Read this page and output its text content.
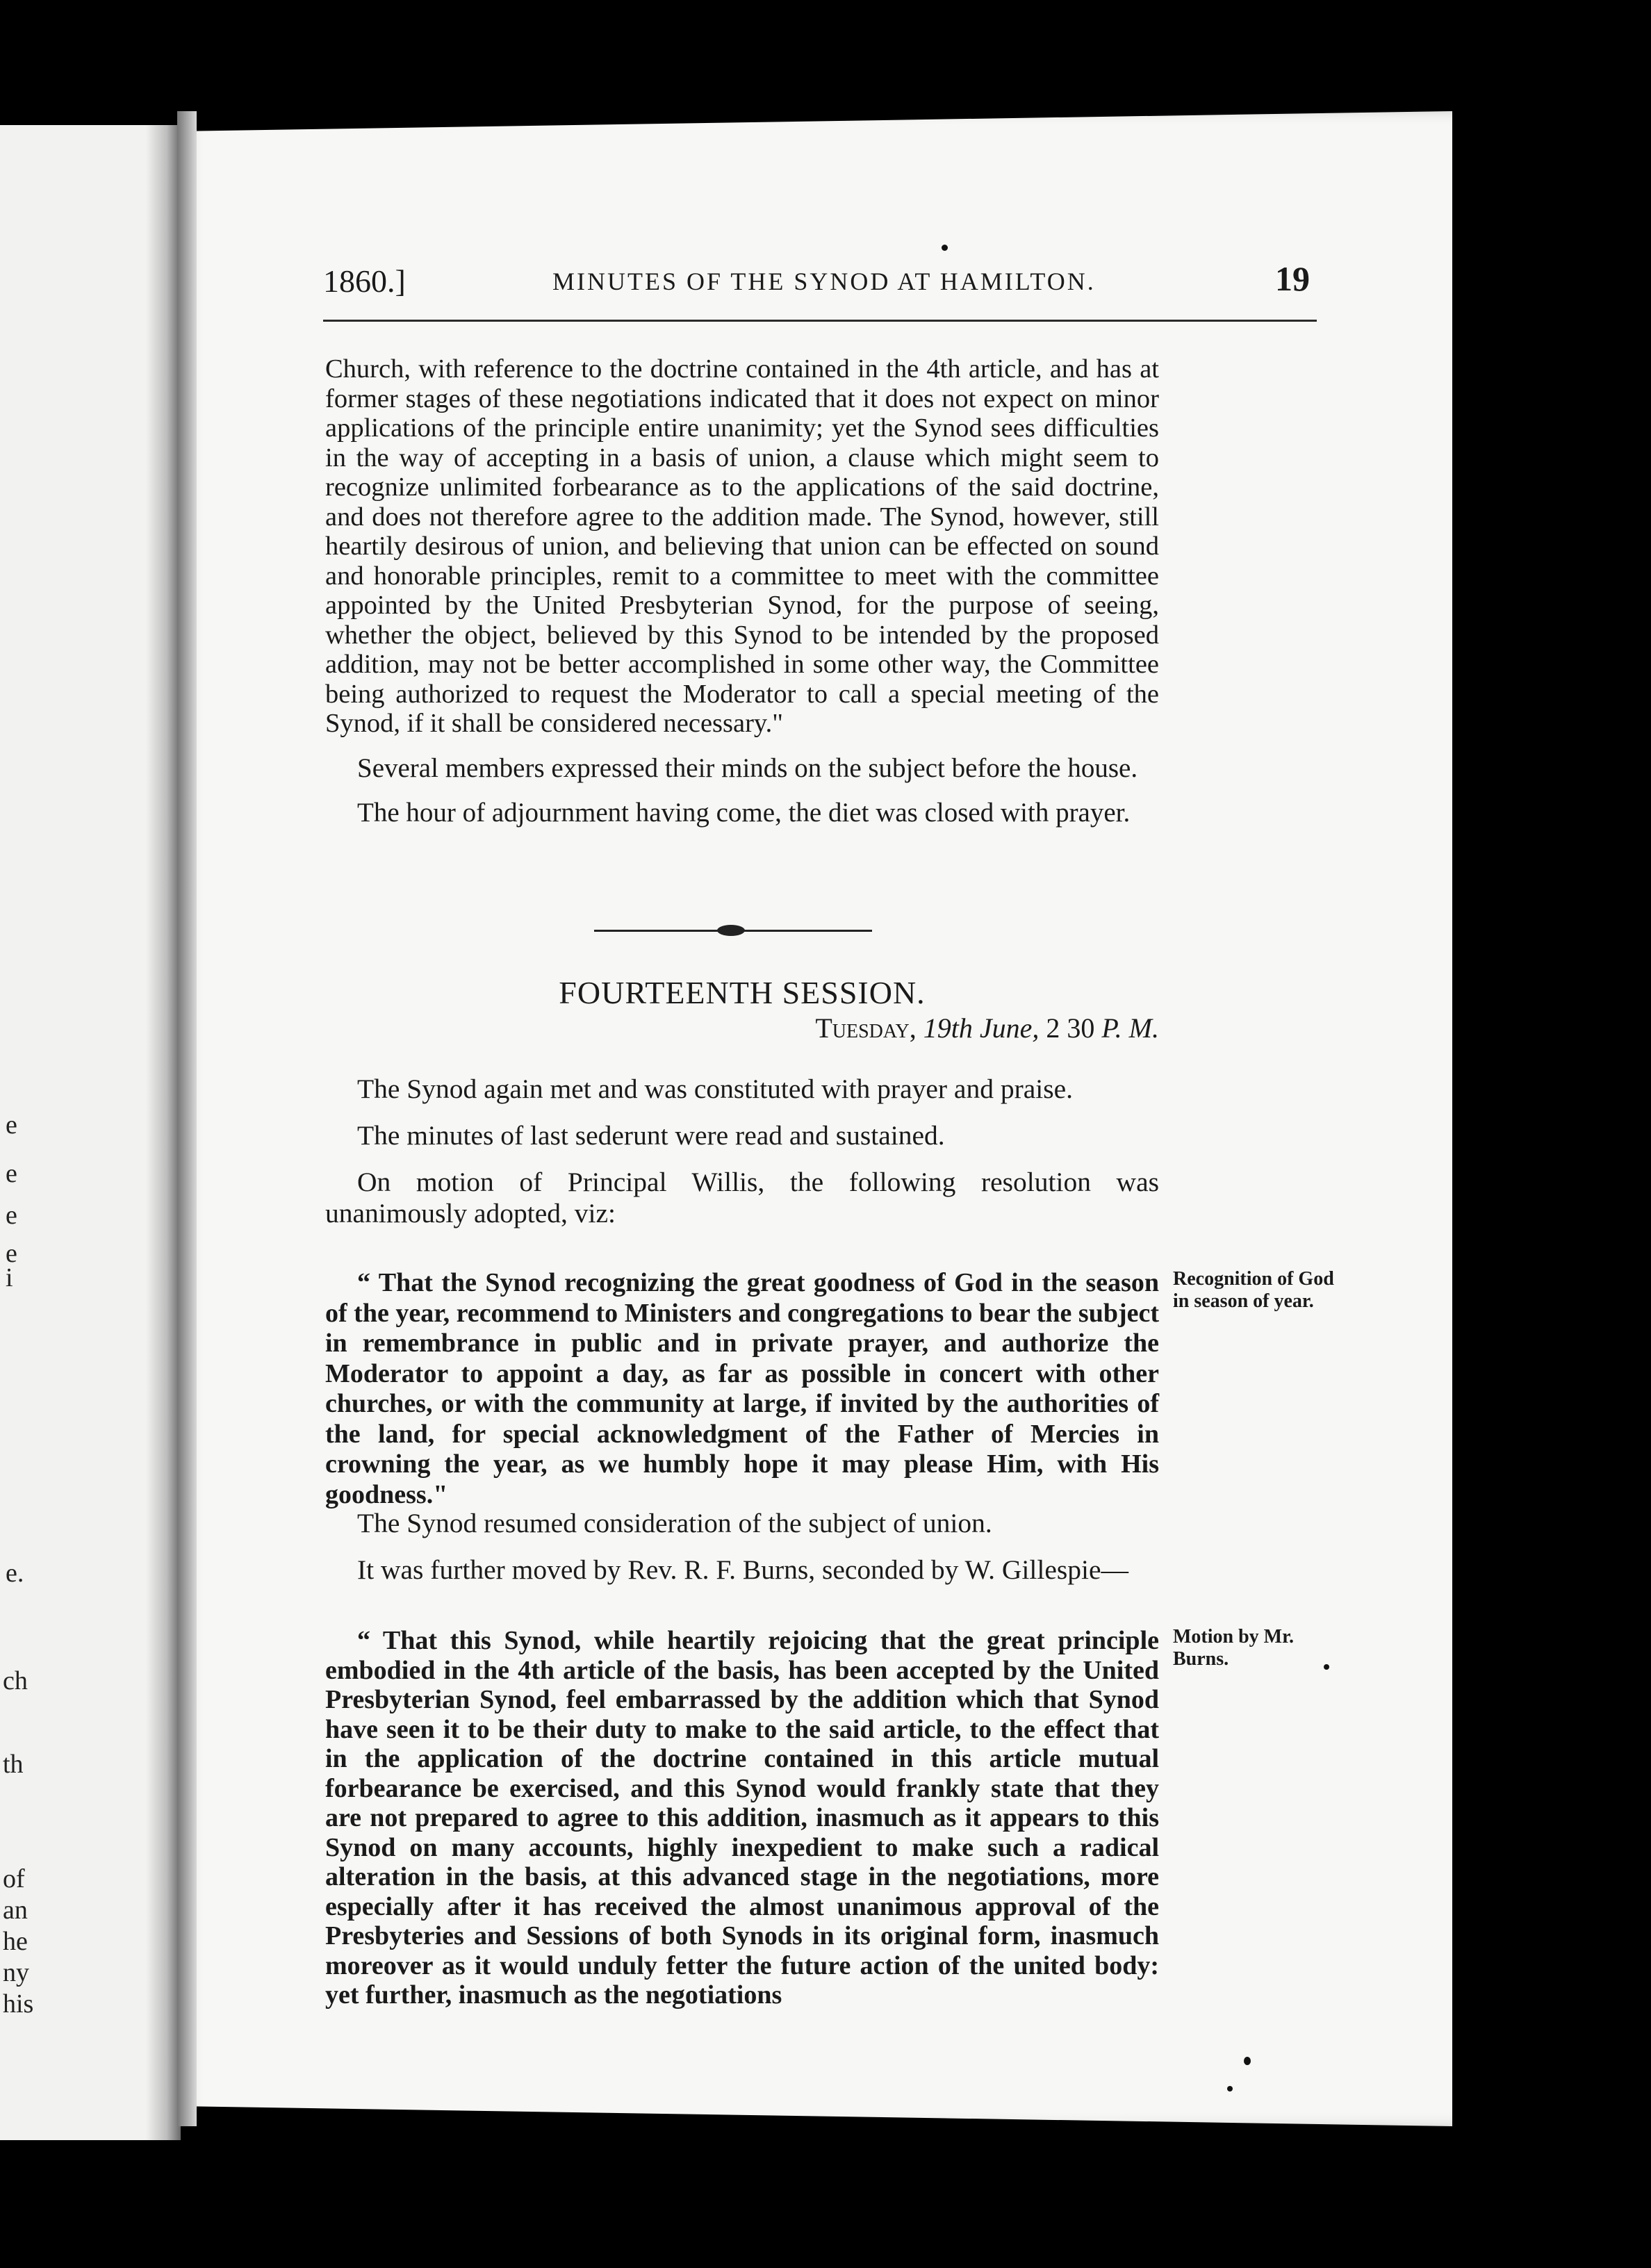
e
e
e
e
i
e.
ch
th
of
an
he
ny
his
1860.]	MINUTES OF THE SYNOD AT HAMILTON.	19

Church, with reference to the doctrine contained in the 4th article, and has at former stages of these negotiations indicated that it does not expect on minor applications of the principle entire unanimity; yet the Synod sees difficulties in the way of accepting in a basis of union, a clause which might seem to recognize unlimited forbearance as to the applications of the said doctrine, and does not therefore agree to the addition made. The Synod, however, still heartily desirous of union, and believing that union can be effected on sound and honorable principles, remit to a committee to meet with the committee appointed by the United Presbyterian Synod, for the purpose of seeing, whether the object, believed by this Synod to be intended by the proposed addition, may not be better accomplished in some other way, the Committee being authorized to request the Moderator to call a special meeting of the Synod, if it shall be considered necessary."

Several members expressed their minds on the subject before the house.

The hour of adjournment having come, the diet was closed with prayer.

FOURTEENTH SESSION.

Tuesday, 19th June, 2 30 P. M.

The Synod again met and was constituted with prayer and praise.

The minutes of last sederunt were read and sustained.

On motion of Principal Willis, the following resolution was unanimously adopted, viz:

“ That the Synod recognizing the great goodness of God in the season of the year, recommend to Ministers and congregations to bear the subject in remembrance in public and in private prayer, and authorize the Moderator to appoint a day, as far as possible in concert with other churches, or with the community at large, if invited by the authorities of the land, for special acknowledgment of the Father of Mercies in crowning the year, as we humbly hope it may please Him, with His goodness."

Recognition of God in season of year.

The Synod resumed consideration of the subject of union.

It was further moved by Rev. R. F. Burns, seconded by W. Gillespie—

“ That this Synod, while heartily rejoicing that the great principle embodied in the 4th article of the basis, has been accepted by the United Presbyterian Synod, feel embarrassed by the addition which that Synod have seen it to be their duty to make to the said article, to the effect that in the application of the doctrine contained in this article mutual forbearance be exercised, and this Synod would frankly state that they are not prepared to agree to this addition, inasmuch as it appears to this Synod on many accounts, highly inexpedient to make such a radical alteration in the basis, at this advanced stage in the negotiations, more especially after it has received the almost unanimous approval of the Presbyteries and Sessions of both Synods in its original form, inasmuch moreover as it would unduly fetter the future action of the united body: yet further, inasmuch as the negotiations

Motion by Mr. Burns.
